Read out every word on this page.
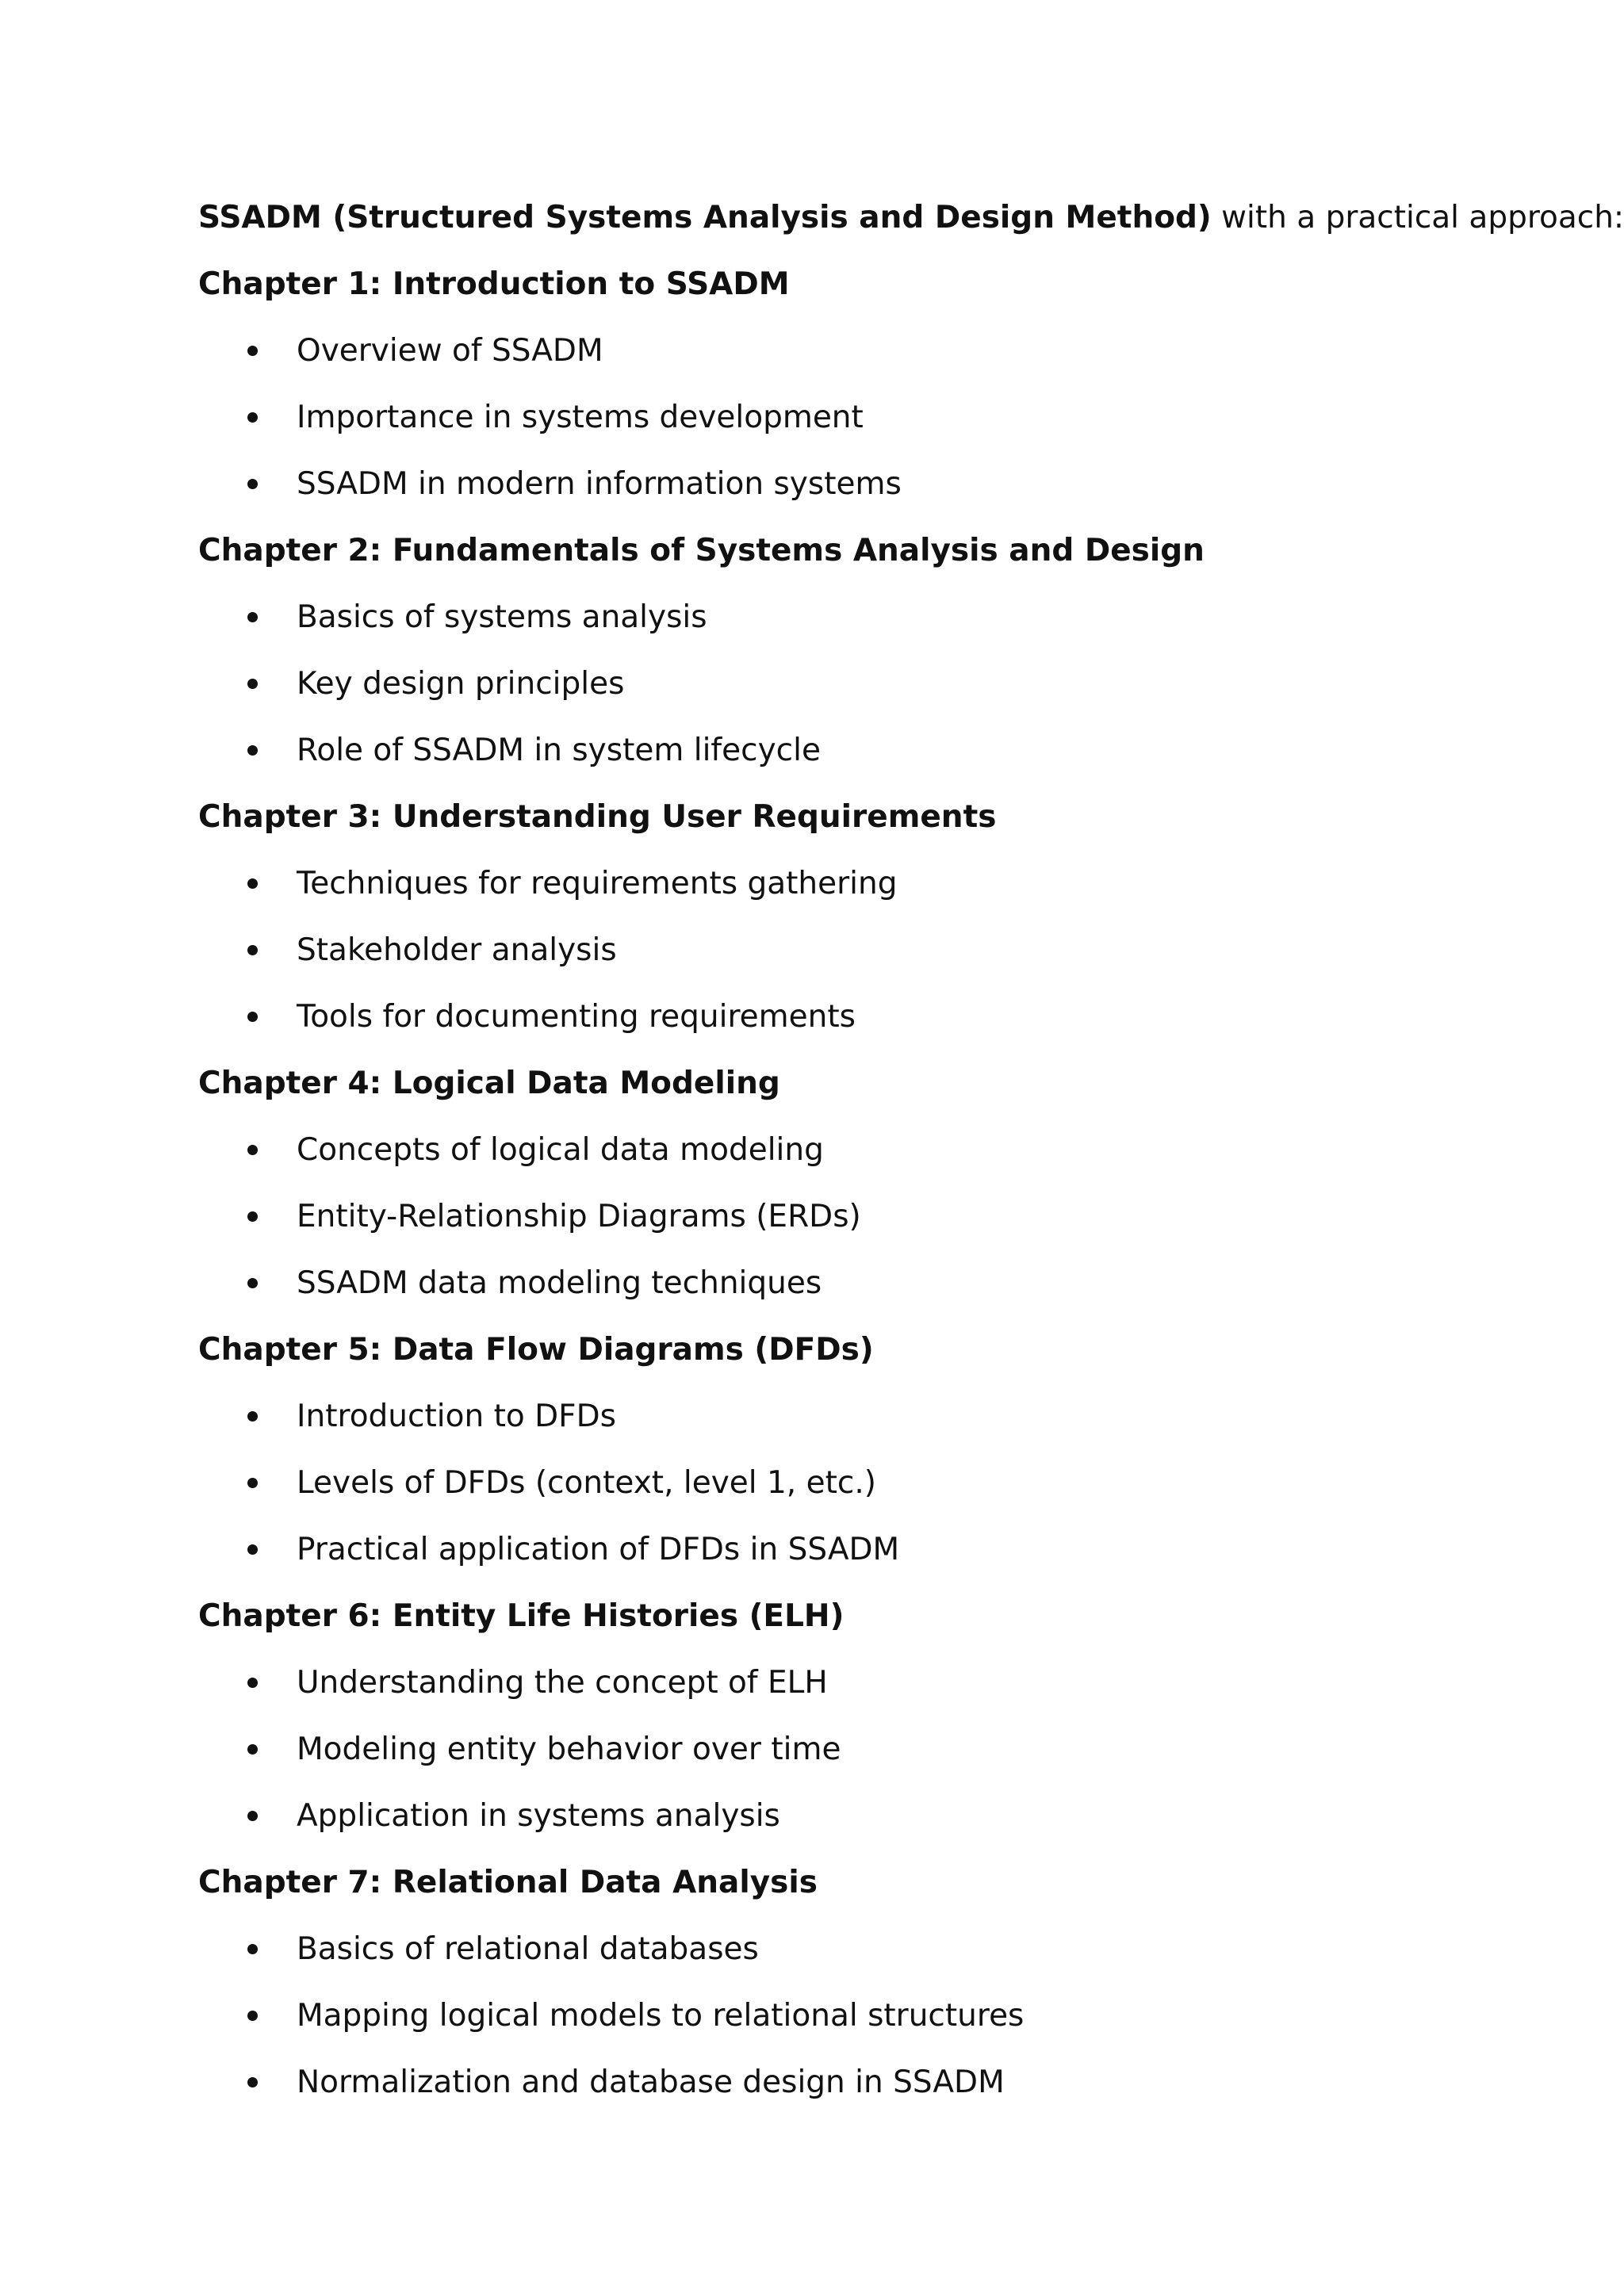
SSADM (Structured Systems Analysis and Design Method) with a practical approach:

Chapter 1: Introduction to SSADM
Overview of SSADM
Importance in systems development
SSADM in modern information systems
Chapter 2: Fundamentals of Systems Analysis and Design
Basics of systems analysis
Key design principles
Role of SSADM in system lifecycle
Chapter 3: Understanding User Requirements
Techniques for requirements gathering
Stakeholder analysis
Tools for documenting requirements
Chapter 4: Logical Data Modeling
Concepts of logical data modeling
Entity-Relationship Diagrams (ERDs)
SSADM data modeling techniques
Chapter 5: Data Flow Diagrams (DFDs)
Introduction to DFDs
Levels of DFDs (context, level 1, etc.)
Practical application of DFDs in SSADM
Chapter 6: Entity Life Histories (ELH)
Understanding the concept of ELH
Modeling entity behavior over time
Application in systems analysis
Chapter 7: Relational Data Analysis
Basics of relational databases
Mapping logical models to relational structures
Normalization and database design in SSADM
